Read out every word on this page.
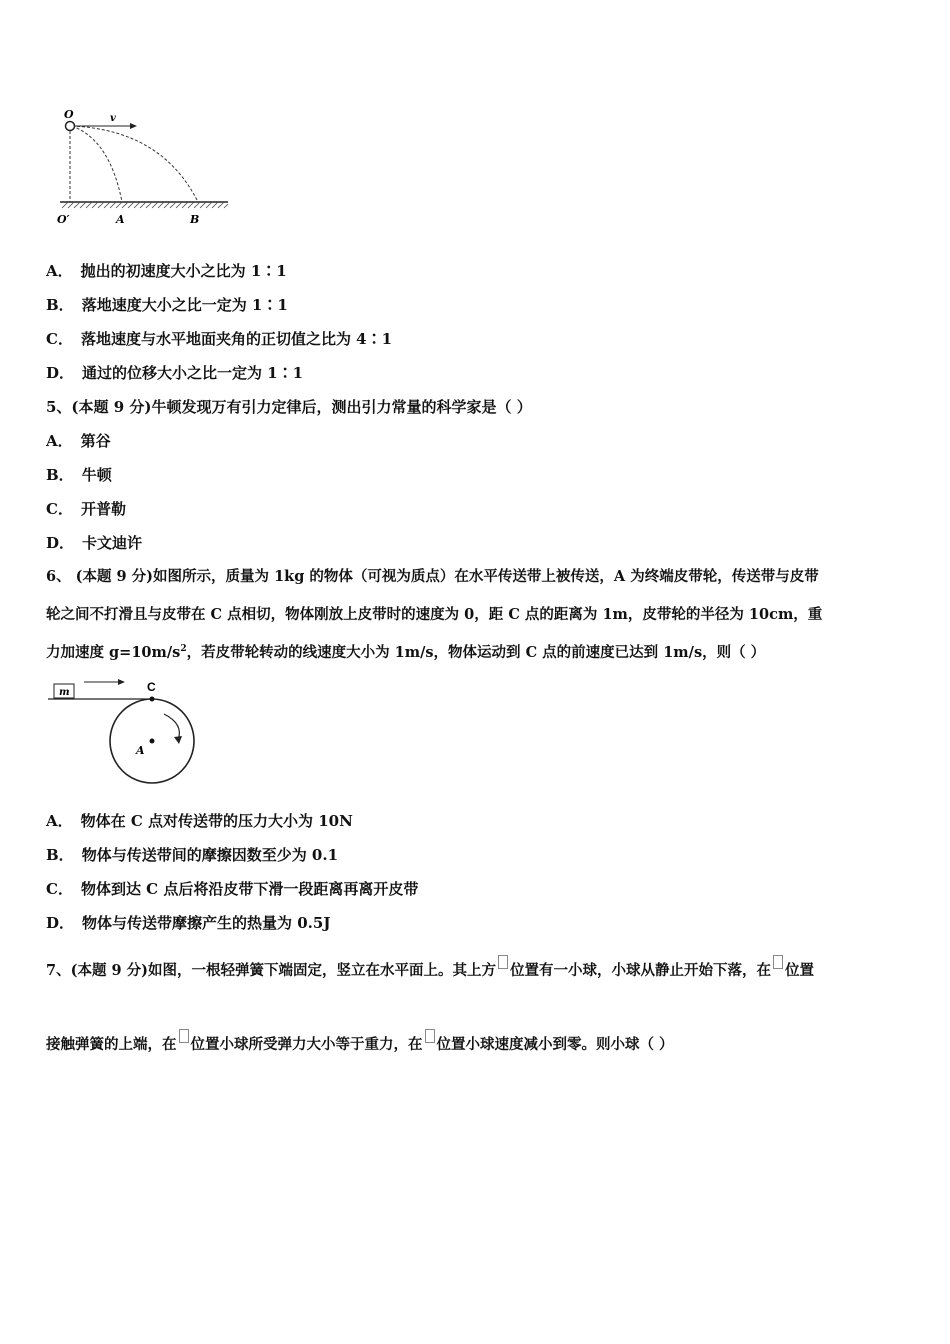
O	v
O′	A	B
A． 抛出的初速度大小之比为 1∶1
B． 落地速度大小之比一定为 1∶1
C． 落地速度与水平地面夹角的正切值之比为 4∶1
D． 通过的位移大小之比一定为 1∶1
5、(本题 9 分)牛顿发现万有引力定律后，测出引力常量的科学家是（ ）
A． 第谷
B． 牛顿
C． 开普勒
D． 卡文迪许
6、 (本题 9 分)如图所示，质量为 1kg 的物体（可视为质点）在水平传送带上被传送，A 为终端皮带轮，传送带与皮带
轮之间不打滑且与皮带在 C 点相切，物体刚放上皮带时的速度为 0，距 C 点的距离为 1m，皮带轮的半径为 10cm，重
力加速度 $g=10m/s^2$，若皮带轮转动的线速度大小为 1m/s，物体运动到 C 点的前速度已达到 1m/s，则（ ）
m	C
A
A． 物体在 C 点对传送带的压力大小为 10N
B． 物体与传送带间的摩擦因数至少为 0.1
C． 物体到达 C 点后将沿皮带下滑一段距离再离开皮带
D． 物体与传送带摩擦产生的热量为 0.5J
7、(本题 9 分)如图，一根轻弹簧下端固定，竖立在水平面上。其上方 位置有一小球，小球从静止开始下落，在 位置
接触弹簧的上端，在 位置小球所受弹力大小等于重力，在 位置小球速度减小到零。则小球（ ）
